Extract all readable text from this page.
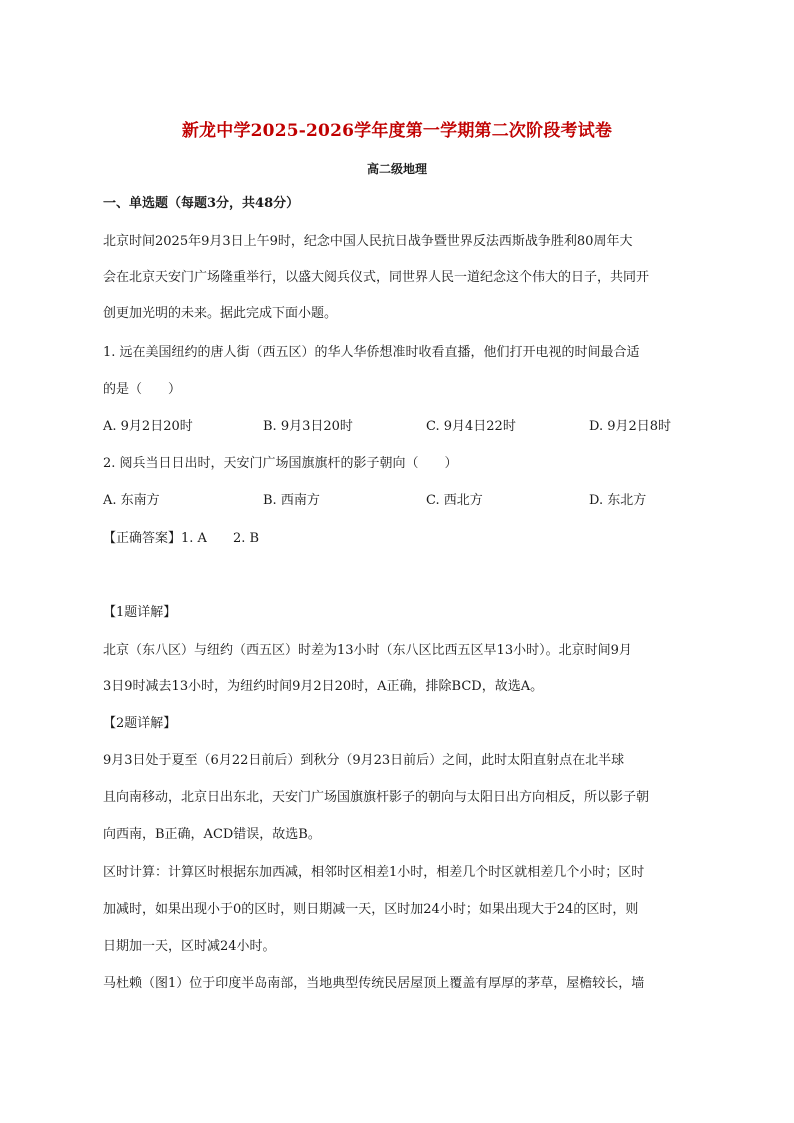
新龙中学2025-2026学年度第一学期第二次阶段考试卷
高二级地理
一、单选题（每题3分，共48分）
北京时间2025年9月3日上午9时，纪念中国人民抗日战争暨世界反法西斯战争胜利80周年大
会在北京天安门广场隆重举行，以盛大阅兵仪式，同世界人民一道纪念这个伟大的日子，共同开
创更加光明的未来。据此完成下面小题。
1. 远在美国纽约的唐人街（西五区）的华人华侨想准时收看直播，他们打开电视的时间最合适
的是（　　）
A. 9月2日20时	B. 9月3日20时	C. 9月4日22时	D. 9月2日8时
2. 阅兵当日日出时，天安门广场国旗旗杆的影子朝向（　　）
A. 东南方	B. 西南方	C. 西北方	D. 东北方
【正确答案】1. A　　2. B
【1题详解】
北京（东八区）与纽约（西五区）时差为13小时（东八区比西五区早13小时）。北京时间9月
3日9时减去13小时，为纽约时间9月2日20时，A正确，排除BCD，故选A。
【2题详解】
9月3日处于夏至（6月22日前后）到秋分（9月23日前后）之间，此时太阳直射点在北半球
且向南移动，北京日出东北，天安门广场国旗旗杆影子的朝向与太阳日出方向相反，所以影子朝
向西南，B正确，ACD错误，故选B。
区时计算：计算区时根据东加西减，相邻时区相差1小时，相差几个时区就相差几个小时；区时
加减时，如果出现小于0的区时，则日期减一天，区时加24小时；如果出现大于24的区时，则
日期加一天，区时减24小时。
马杜赖（图1）位于印度半岛南部，当地典型传统民居屋顶上覆盖有厚厚的茅草，屋檐较长，墙
